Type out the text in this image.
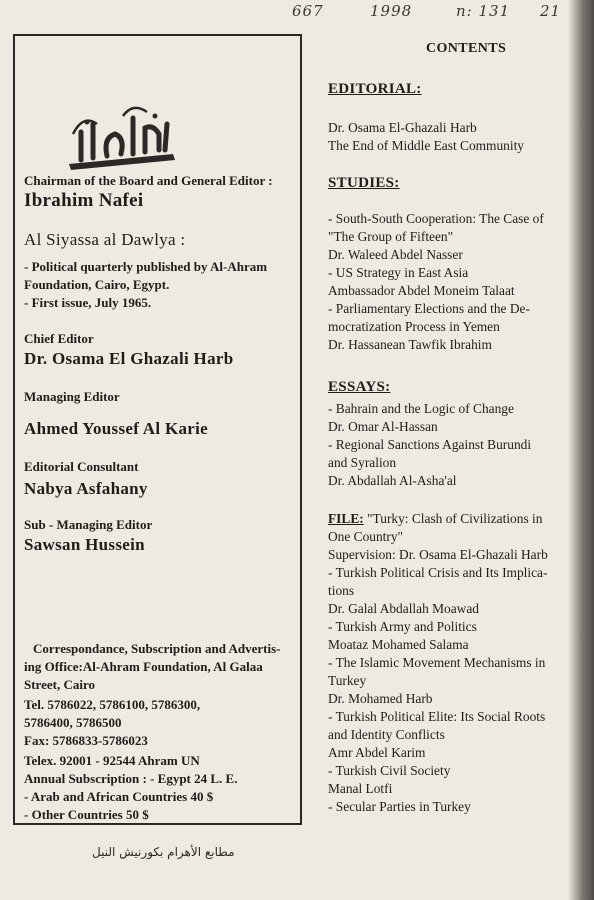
667	1998	n: 131 21
Chairman of the Board and General Editor :
Ibrahim Nafei
Al Siyassa al Dawlya :
- Political quarterly published by Al-Ahram
Foundation, Cairo, Egypt.
- First issue, July 1965.
Chief Editor
Dr. Osama El Ghazali Harb
Managing Editor
Ahmed Youssef Al Karie
Editorial Consultant
Nabya Asfahany
Sub - Managing Editor
Sawsan Hussein
Correspondance, Subscription and Advertis-
ing Office:Al-Ahram Foundation, Al Galaa
Street, Cairo
Tel. 5786022, 5786100, 5786300,
5786400, 5786500
Fax: 5786833-5786023
Telex. 92001 - 92544 Ahram UN
Annual Subscription : - Egypt 24 L. E.
- Arab and African Countries 40 $
- Other Countries 50 $
مطابع الأهرام بكورنيش النيل
CONTENTS
EDITORIAL:
Dr. Osama El-Ghazali Harb
The End of Middle East Community
STUDIES:
- South-South Cooperation: The Case of
"The Group of Fifteen"
Dr. Waleed Abdel Nasser
- US Strategy in East Asia
Ambassador Abdel Moneim Talaat
- Parliamentary Elections and the De-
mocratization Process in Yemen
Dr. Hassanean Tawfik Ibrahim
ESSAYS:
- Bahrain and the Logic of Change
Dr. Omar Al-Hassan
- Regional Sanctions Against Burundi
and Syralion
Dr. Abdallah Al-Asha'al
FILE: "Turky: Clash of Civilizations in
One Country"
Supervision: Dr. Osama El-Ghazali Harb
- Turkish Political Crisis and Its Implica-
tions
Dr. Galal Abdallah Moawad
- Turkish Army and Politics
Moataz Mohamed Salama
- The Islamic Movement Mechanisms in
Turkey
Dr. Mohamed Harb
- Turkish Political Elite: Its Social Roots
and Identity Conflicts
Amr Abdel Karim
- Turkish Civil Society
Manal Lotfi
- Secular Parties in Turkey
